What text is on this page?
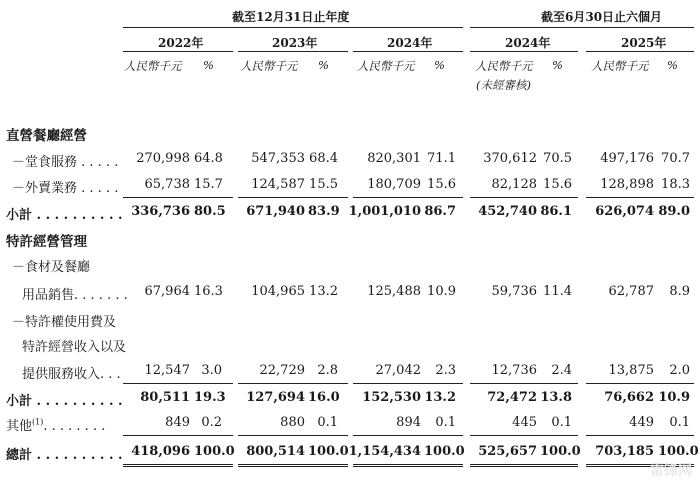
截至12月31日止年度	截至6月30日止六個月
2022年	2023年	2024年	2024年	2025年
人民幣千元 % 人民幣千元 % 人民幣千元 %	人民幣千元 % 人民幣千元 %
(未經審核)
直營餐廳經營
－堂食服務 . . . . .	270,998 64.8	547,353 68.4	820,301 71.1	370,612 70.5	497,176 70.7
－外賣業務 . . . . .	65,738 15.7	124,587 15.5	180,709 15.6	82,128 15.6	128,898 18.3
小計 . . . . . . . . . . 336,736 80.5	671,940 83.9 1,001,010 86.7	452,740 86.1	626,074 89.0
特許經營管理
－食材及餐廳
用品銷售. . . . . . .	67,964 16.3	104,965 13.2	125,488 10.9	59,736 11.4	62,787	8.9
－特許權使用費及
特許經營收入以及
提供服務收入. . .	12,547 3.0	22,729 2.8	27,042	2.3	12,736	2.4	13,875	2.0
小計 . . . . . . . . . .	80,511 19.3	127,694 16.0	152,530 13.2	72,472 13.8	76,662 10.9
其他$^{(1)}$. . . . . . . .	849 0.2	880 0.1	894	0.1	445	0.1	449	0.1
總計 . . . . . . . . . . 418,096 100.0 800,514 100.0 1,154,434 100.0	525,657 100.0	703,185 100.0
雷锋网
